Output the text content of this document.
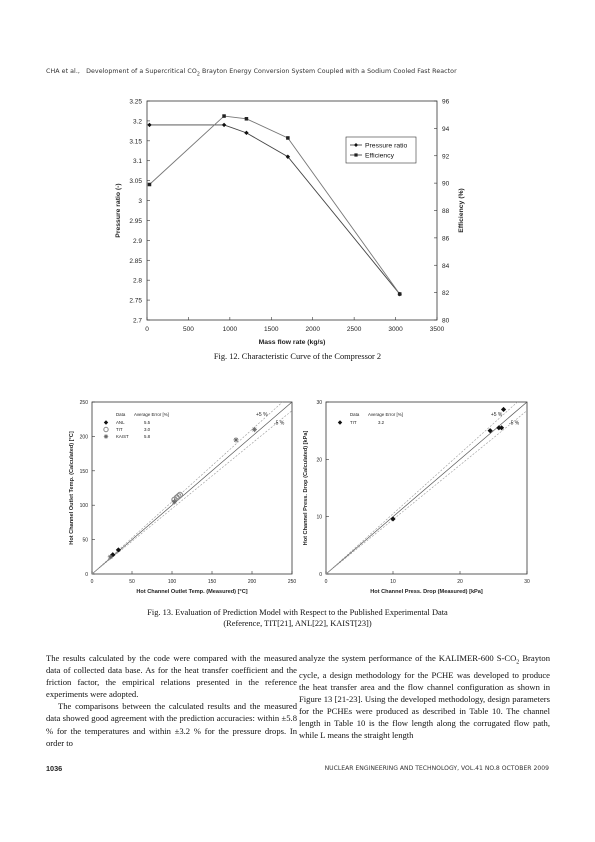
CHA et al., Development of a Supercritical $CO_2$ Brayton Energy Conversion System Coupled with a Sodium Cooled Fast Reactor
2.7
2.75
2.8
2.85
2.9
2.95
3
3.05
3.1
3.15
3.2
3.25
80
82
84
86
88
90
92
94
96
0	500	1000	1500	2000	2500	3000	3500
Mass flow rate (kg/s)
Pressure ratio (-)	Efficiency (%)
Pressure ratio
Efficiency
Fig. 12. Characteristic Curve of the Compressor 2
0
50
100
150
200
250
0	50	100	150	200	250
Hot Channel Outlet Temp. (Measured) [°C]
Hot Channel Outlet Temp. (Calculated) [°C]
+5 %
-5 %
Data Average Error [%]
ANL	5.5
TIT	3.0
KAIST	5.8
0
10
20
30
0	10	20	30
Hot Channel Press. Drop (Measured) [kPa]
Hot Channel Press. Drop (Calculated) [kPa]
+5 %
-5 %
Data Average Error [%]
TIT	3.2
Fig. 13. Evaluation of Prediction Model with Respect to the Published Experimental Data
(Reference, TIT[21], ANL[22], KAIST[23])

The results calculated by the code were compared with the measured data of collected data base. As for the heat transfer coefficient and the friction factor, the empirical relations presented in the reference experiments were adopted.

The comparisons between the calculated results and the measured data showed good agreement with the prediction accuracies: within ±5.8 % for the temperatures and within ±3.2 % for the pressure drops. In order to

analyze the system performance of the KALIMER-600 $S-CO_2$ Brayton cycle, a design methodology for the PCHE was developed to produce the heat transfer area and the flow channel configuration as shown in Figure 13 [21-23]. Using the developed methodology, design parameters for the PCHEs were produced as described in Table 10. The channel length in Table 10 is the flow length along the corrugated flow path, while L means the straight length

1036	NUCLEAR ENGINEERING AND TECHNOLOGY, VOL.41 NO.8 OCTOBER 2009
